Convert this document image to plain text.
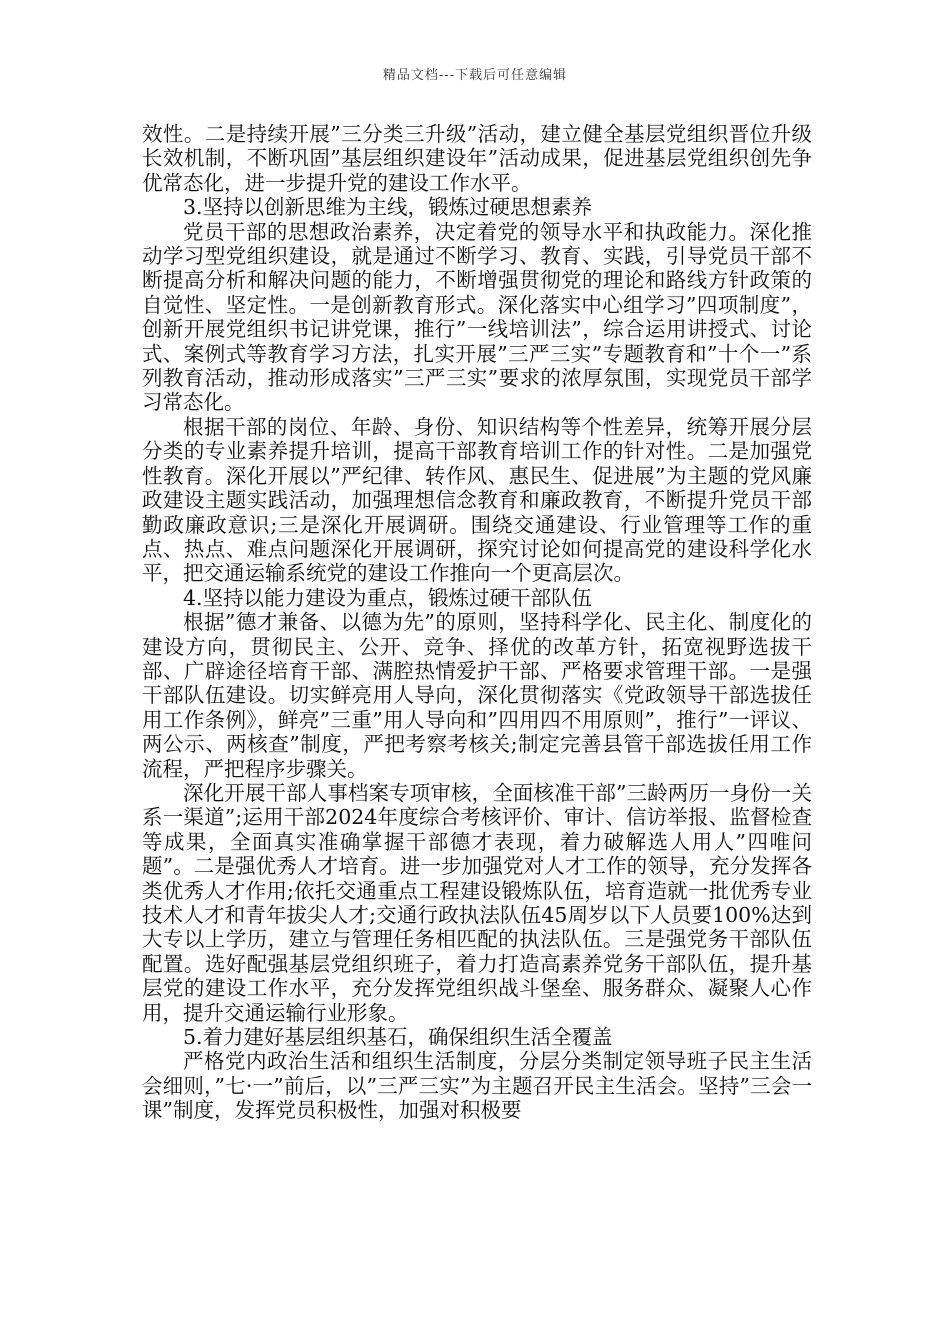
精品文档---下载后可任意编辑

效性。二是持续开展”三分类三升级”活动，建立健全基层党组织晋位升级长效机制，不断巩固”基层组织建设年”活动成果，促进基层党组织创先争优常态化，进一步提升党的建设工作水平。

3.坚持以创新思维为主线，锻炼过硬思想素养

党员干部的思想政治素养，决定着党的领导水平和执政能力。深化推动学习型党组织建设，就是通过不断学习、教育、实践，引导党员干部不断提高分析和解决问题的能力，不断增强贯彻党的理论和路线方针政策的自觉性、坚定性。一是创新教育形式。深化落实中心组学习”四项制度”，创新开展党组织书记讲党课，推行”一线培训法”，综合运用讲授式、讨论式、案例式等教育学习方法，扎实开展”三严三实”专题教育和”十个一”系列教育活动，推动形成落实”三严三实”要求的浓厚氛围，实现党员干部学习常态化。

根据干部的岗位、年龄、身份、知识结构等个性差异，统筹开展分层分类的专业素养提升培训，提高干部教育培训工作的针对性。二是加强党性教育。深化开展以”严纪律、转作风、惠民生、促进展”为主题的党风廉政建设主题实践活动，加强理想信念教育和廉政教育，不断提升党员干部勤政廉政意识;三是深化开展调研。围绕交通建设、行业管理等工作的重点、热点、难点问题深化开展调研，探究讨论如何提高党的建设科学化水平，把交通运输系统党的建设工作推向一个更高层次。

4.坚持以能力建设为重点，锻炼过硬干部队伍

根据”德才兼备、以德为先”的原则，坚持科学化、民主化、制度化的建设方向，贯彻民主、公开、竞争、择优的改革方针，拓宽视野选拔干部、广辟途径培育干部、满腔热情爱护干部、严格要求管理干部。一是强干部队伍建设。切实鲜亮用人导向，深化贯彻落实《党政领导干部选拔任用工作条例》，鲜亮”三重”用人导向和”四用四不用原则”，推行”一评议、两公示、两核查”制度，严把考察考核关;制定完善县管干部选拔任用工作流程，严把程序步骤关。

深化开展干部人事档案专项审核，全面核准干部”三龄两历一身份一关系一渠道”;运用干部2024年度综合考核评价、审计、信访举报、监督检查等成果，全面真实准确掌握干部德才表现，着力破解选人用人”四唯问题”。二是强优秀人才培育。进一步加强党对人才工作的领导，充分发挥各类优秀人才作用;依托交通重点工程建设锻炼队伍，培育造就一批优秀专业技术人才和青年拔尖人才;交通行政执法队伍45周岁以下人员要100%达到大专以上学历，建立与管理任务相匹配的执法队伍。三是强党务干部队伍配置。选好配强基层党组织班子，着力打造高素养党务干部队伍，提升基层党的建设工作水平，充分发挥党组织战斗堡垒、服务群众、凝聚人心作用，提升交通运输行业形象。

5.着力建好基层组织基石，确保组织生活全覆盖

严格党内政治生活和组织生活制度，分层分类制定领导班子民主生活会细则，”七·一”前后，以”三严三实”为主题召开民主生活会。坚持”三会一课”制度，发挥党员积极性，加强对积极要
